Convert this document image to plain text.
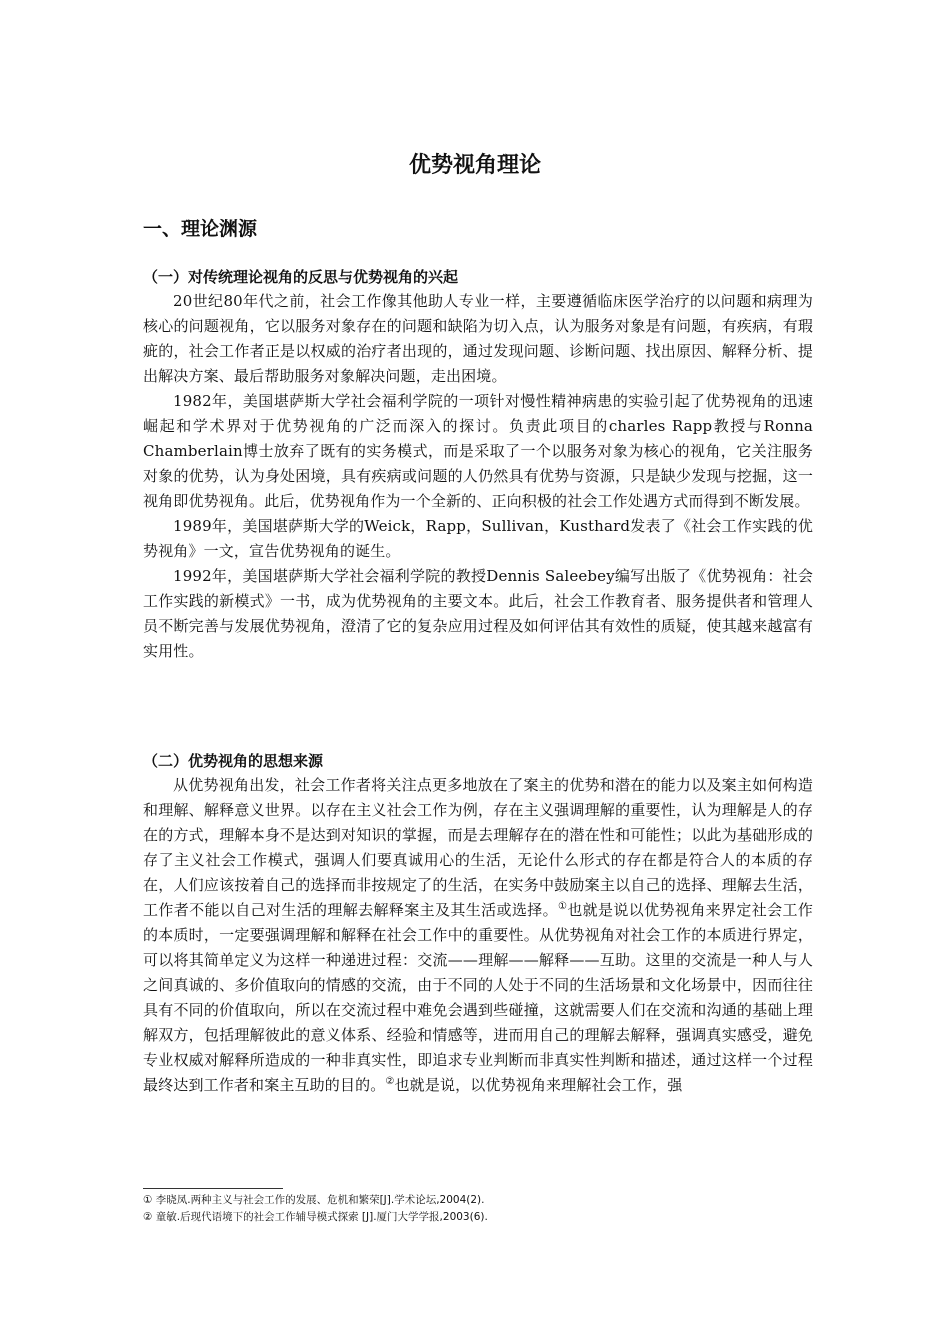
优势视角理论
一、理论渊源
（一）对传统理论视角的反思与优势视角的兴起

20世纪80年代之前，社会工作像其他助人专业一样，主要遵循临床医学治疗的以问题和病理为核心的问题视角，它以服务对象存在的问题和缺陷为切入点，认为服务对象是有问题，有疾病，有瑕疵的，社会工作者正是以权威的治疗者出现的，通过发现问题、诊断问题、找出原因、解释分析、提出解决方案、最后帮助服务对象解决问题，走出困境。

1982年，美国堪萨斯大学社会福利学院的一项针对慢性精神病患的实验引起了优势视角的迅速崛起和学术界对于优势视角的广泛而深入的探讨。负责此项目的charles Rapp教授与Ronna Chamberlain博士放弃了既有的实务模式，而是采取了一个以服务对象为核心的视角，它关注服务对象的优势，认为身处困境，具有疾病或问题的人仍然具有优势与资源，只是缺少发现与挖掘，这一视角即优势视角。此后，优势视角作为一个全新的、正向积极的社会工作处遇方式而得到不断发展。

1989年，美国堪萨斯大学的Weick，Rapp，Sullivan，Kusthard发表了《社会工作实践的优势视角》一文，宣告优势视角的诞生。

1992年，美国堪萨斯大学社会福利学院的教授Dennis Saleebey编写出版了《优势视角：社会工作实践的新模式》一书，成为优势视角的主要文本。此后，社会工作教育者、服务提供者和管理人员不断完善与发展优势视角，澄清了它的复杂应用过程及如何评估其有效性的质疑，使其越来越富有实用性。

（二）优势视角的思想来源

从优势视角出发，社会工作者将关注点更多地放在了案主的优势和潜在的能力以及案主如何构造和理解、解释意义世界。以存在主义社会工作为例，存在主义强调理解的重要性，认为理解是人的存在的方式，理解本身不是达到对知识的掌握，而是去理解存在的潜在性和可能性；以此为基础形成的存了主义社会工作模式，强调人们要真诚用心的生活，无论什么形式的存在都是符合人的本质的存在，人们应该按着自己的选择而非按规定了的生活，在实务中鼓励案主以自己的选择、理解去生活，工作者不能以自己对生活的理解去解释案主及其生活或选择。①也就是说以优势视角来界定社会工作的本质时，一定要强调理解和解释在社会工作中的重要性。从优势视角对社会工作的本质进行界定，可以将其简单定义为这样一种递进过程：交流——理解——解释——互助。这里的交流是一种人与人之间真诚的、多价值取向的情感的交流，由于不同的人处于不同的生活场景和文化场景中，因而往往具有不同的价值取向，所以在交流过程中难免会遇到些碰撞，这就需要人们在交流和沟通的基础上理解双方，包括理解彼此的意义体系、经验和情感等，进而用自己的理解去解释，强调真实感受，避免专业权威对解释所造成的一种非真实性，即追求专业判断而非真实性判断和描述，通过这样一个过程最终达到工作者和案主互助的目的。②也就是说，以优势视角来理解社会工作，强

① 李晓凤.两种主义与社会工作的发展、危机和繁荣[J].学术论坛,2004(2).
② 童敏.后现代语境下的社会工作辅导模式探索 [J].厦门大学学报,2003(6).
